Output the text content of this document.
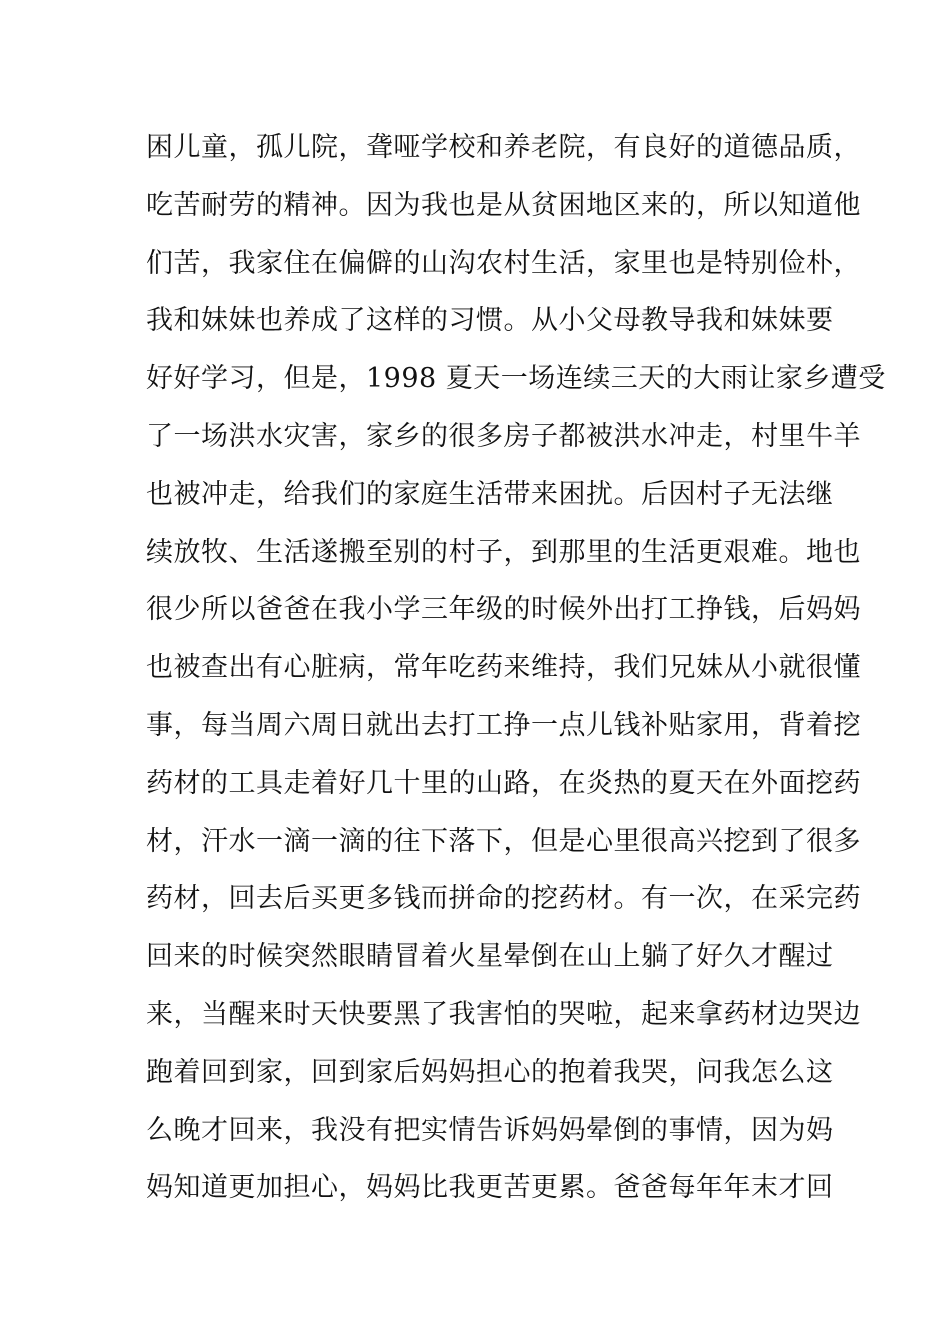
困儿童，孤儿院，聋哑学校和养老院，有良好的道德品质，
吃苦耐劳的精神。因为我也是从贫困地区来的，所以知道他
们苦，我家住在偏僻的山沟农村生活，家里也是特别俭朴，
我和妹妹也养成了这样的习惯。从小父母教导我和妹妹要
好好学习，但是，1998 夏天一场连续三天的大雨让家乡遭受
了一场洪水灾害，家乡的很多房子都被洪水冲走，村里牛羊
也被冲走，给我们的家庭生活带来困扰。后因村子无法继
续放牧、生活遂搬至别的村子，到那里的生活更艰难。地也
很少所以爸爸在我小学三年级的时候外出打工挣钱，后妈妈
也被查出有心脏病，常年吃药来维持，我们兄妹从小就很懂
事，每当周六周日就出去打工挣一点儿钱补贴家用，背着挖
药材的工具走着好几十里的山路，在炎热的夏天在外面挖药
材，汗水一滴一滴的往下落下，但是心里很高兴挖到了很多
药材，回去后买更多钱而拼命的挖药材。有一次，在采完药
回来的时候突然眼睛冒着火星晕倒在山上躺了好久才醒过
来，当醒来时天快要黑了我害怕的哭啦，起来拿药材边哭边
跑着回到家，回到家后妈妈担心的抱着我哭，问我怎么这
么晚才回来，我没有把实情告诉妈妈晕倒的事情，因为妈
妈知道更加担心，妈妈比我更苦更累。爸爸每年年末才回
